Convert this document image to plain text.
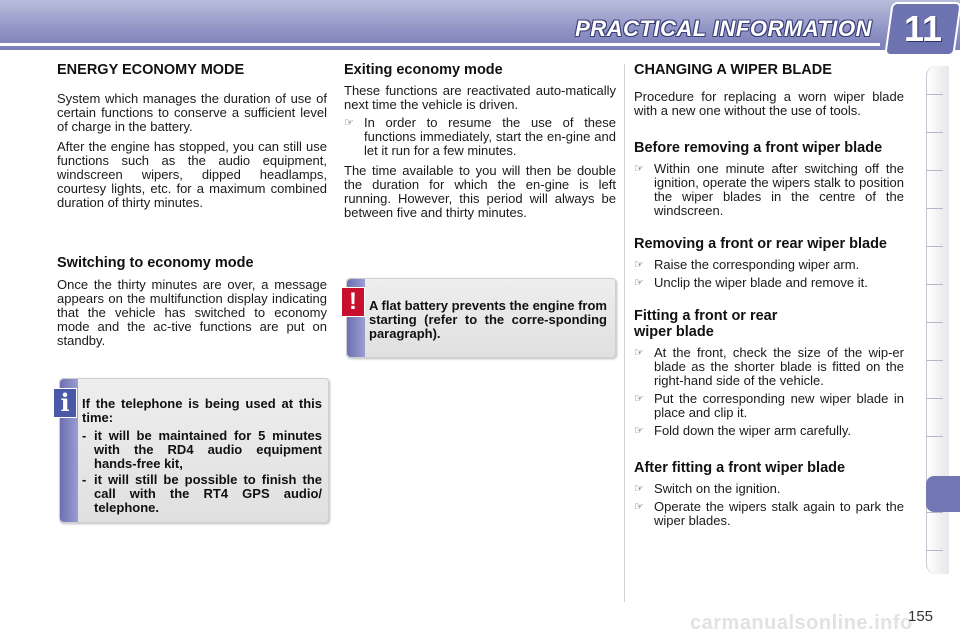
PRACTICAL INFORMATION 11
ENERGY ECONOMY MODE

System which manages the duration of use of certain functions to conserve a sufficient level of charge in the battery.

After the engine has stopped, you can still use functions such as the audio equipment, windscreen wipers, dipped headlamps, courtesy lights, etc. for a maximum combined duration of thirty minutes.

Switching to economy mode

Once the thirty minutes are over, a message appears on the multifunction display indicating that the vehicle has switched to economy mode and the ac-tive functions are put on standby.

Exiting economy mode

These functions are reactivated auto-matically next time the vehicle is driven.

☞ In order to resume the use of these functions immediately, start the en-gine and let it run for a few minutes.

The time available to you will then be double the duration for which the en-gine is left running. However, this period will always be between five and thirty minutes.

A flat battery prevents the engine from starting (refer to the corre-sponding paragraph).
!

If the telephone is being used at this time:

- it will be maintained for 5 minutes with the RD4 audio equipment hands-free kit,
- it will still be possible to finish the call with the RT4 GPS audio/ telephone.
i
CHANGING A WIPER BLADE

Procedure for replacing a worn wiper blade with a new one without the use of tools.

Before removing a front wiper blade
☞ Within one minute after switching off the ignition, operate the wipers stalk to position the wiper blades in the centre of the windscreen.
Removing a front or rear wiper blade
☞ Raise the corresponding wiper arm.
☞ Unclip the wiper blade and remove it.
Fitting a front or rear
wiper blade
☞ At the front, check the size of the wip-er blade as the shorter blade is fitted on the right-hand side of the vehicle.
☞ Put the corresponding new wiper blade in place and clip it.
☞ Fold down the wiper arm carefully.
After fitting a front wiper blade
☞ Switch on the ignition.
☞ Operate the wipers stalk again to park the wiper blades.
carmanualsonline.info
155
